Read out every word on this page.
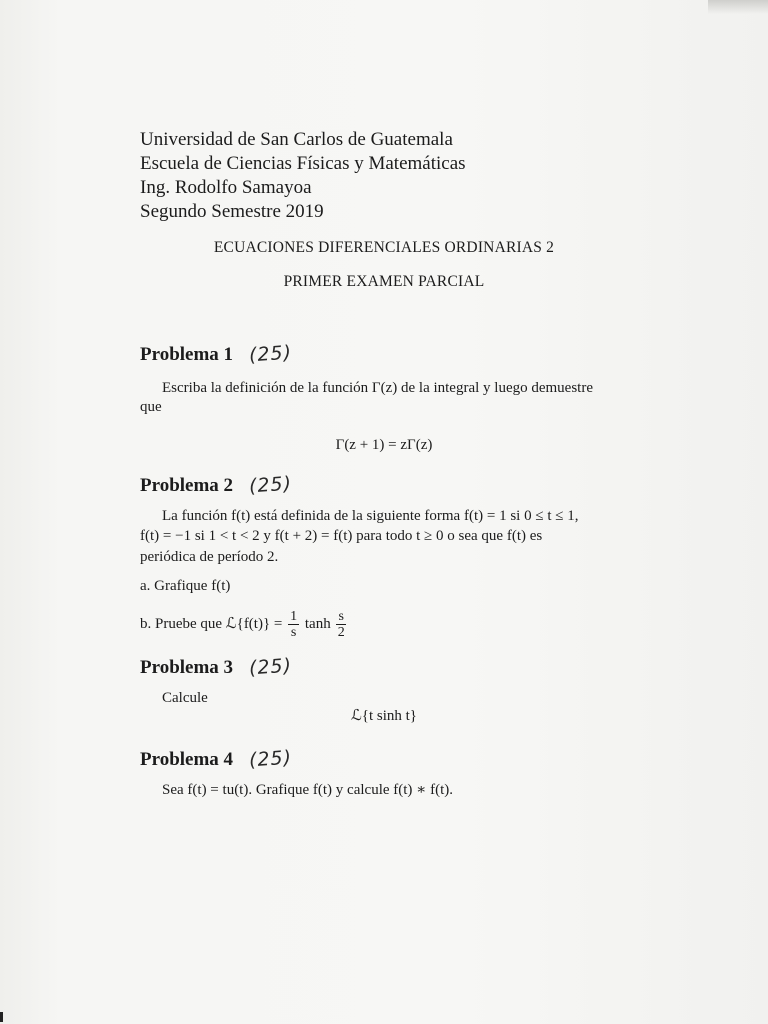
Universidad de San Carlos de Guatemala
Escuela de Ciencias Físicas y Matemáticas
Ing. Rodolfo Samayoa
Segundo Semestre 2019
ECUACIONES DIFERENCIALES ORDINARIAS 2
PRIMER EXAMEN PARCIAL
Problema 1 (25)
Escriba la definición de la función Γ(z) de la integral y luego demuestre
que
Γ(z + 1) = zΓ(z)
Problema 2 (25)
La función f(t) está definida de la siguiente forma f(t) = 1 si 0 ≤ t ≤ 1,
f(t) = −1 si 1 < t < 2 y f(t + 2) = f(t) para todo t ≥ 0 o sea que f(t) es
periódica de período 2.
a. Grafique f(t)
b. Pruebe que ℒ{f(t)} = $\frac{1}{s}$ $\tanh \frac{s}{2}$
Problema 3 (25)
Calcule
ℒ{t sinh t}
Problema 4 (25)
Sea f(t) = tu(t). Grafique f(t) y calcule f(t) ∗ f(t).
